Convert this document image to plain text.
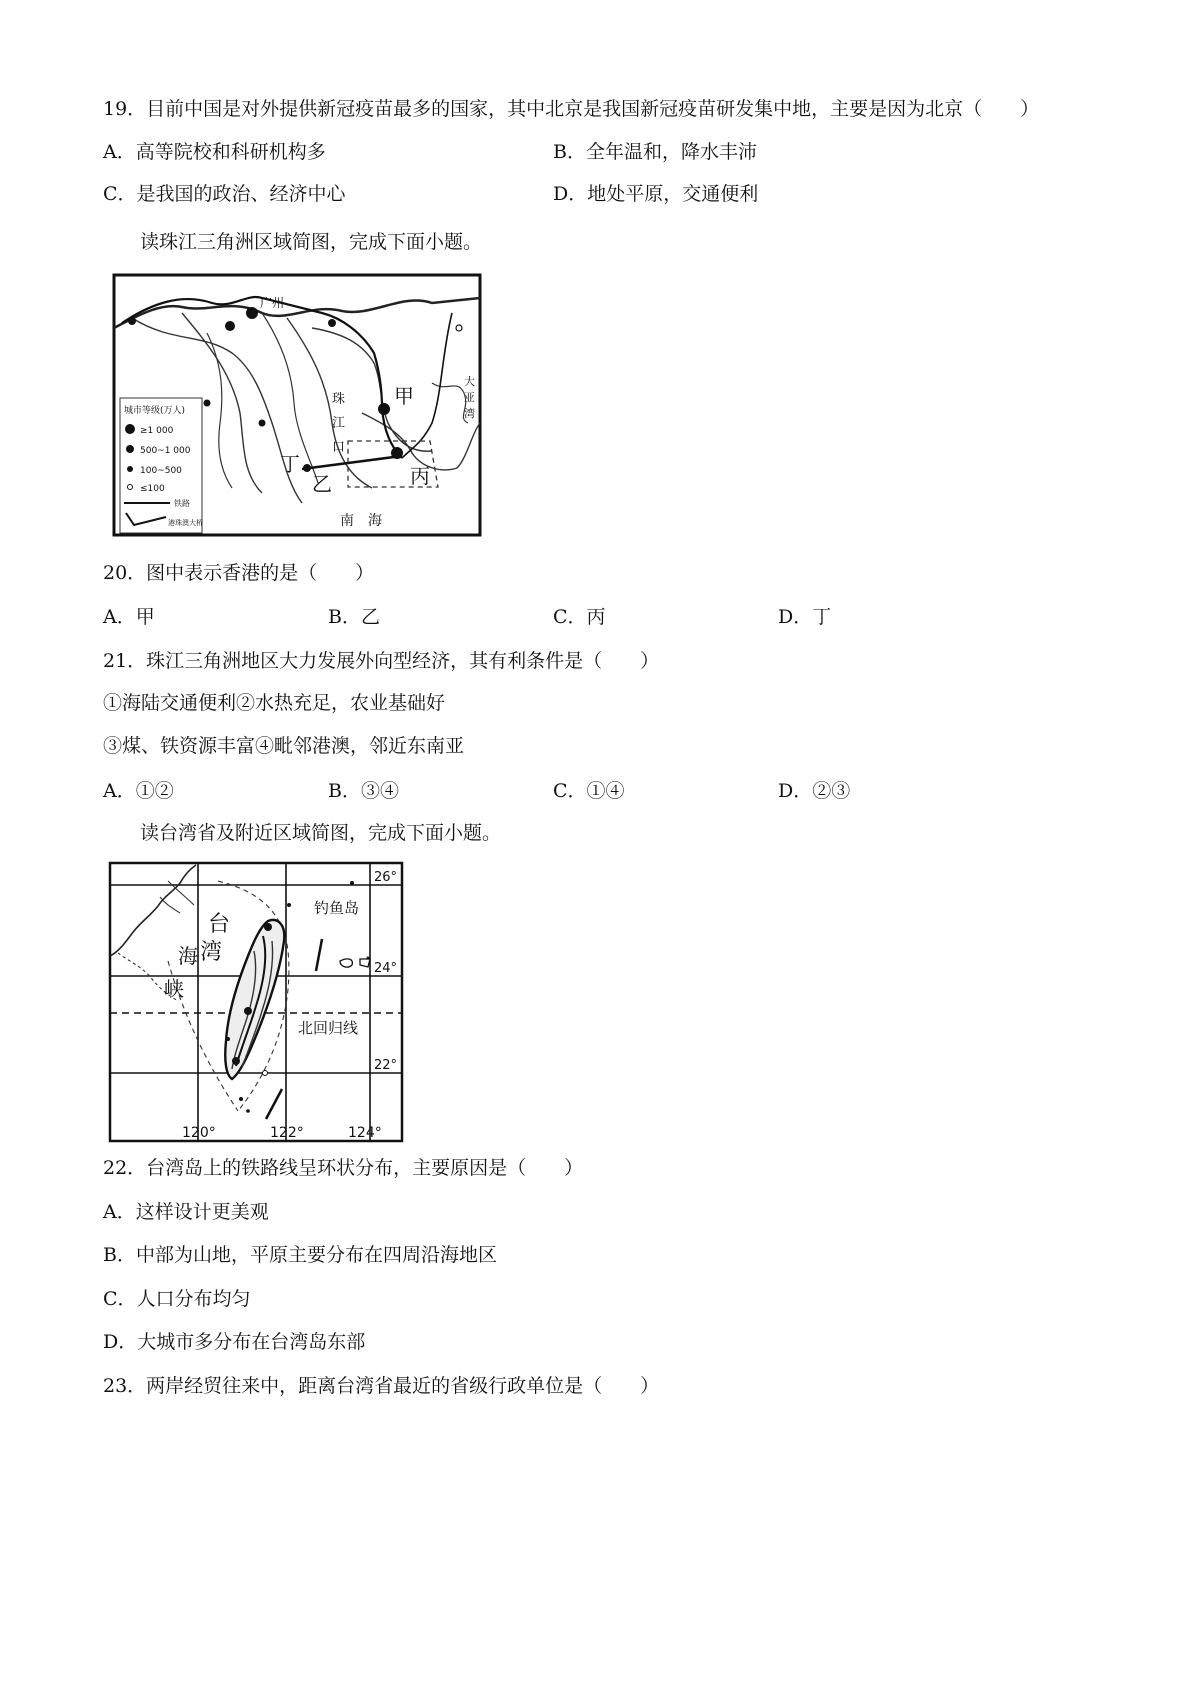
19．目前中国是对外提供新冠疫苗最多的国家，其中北京是我国新冠疫苗研发集中地，主要是因为北京（　　）
A．高等院校和科研机构多	B．全年温和，降水丰沛
C．是我国的政治、经济中心	D．地处平原，交通便利
读珠江三角洲区域简图，完成下面小题。
广州
甲
乙	丙
丁
珠
江
口
大
亚
湾
南　海
城市等级(万人)
≥1 000
500~1 000
100~500
≤100
铁路
港珠澳大桥
20．图中表示香港的是（　　）
A．甲	B．乙	C．丙	D．丁
21．珠江三角洲地区大力发展外向型经济，其有利条件是（　　）
①海陆交通便利②水热充足，农业基础好
③煤、铁资源丰富④毗邻港澳，邻近东南亚
A．①②	B．③④	C．①④	D．②③
读台湾省及附近区域简图，完成下面小题。
台
湾
海
峡
钓鱼岛
北回归线
26°
24°
22°
120°	122°	124°
22．台湾岛上的铁路线呈环状分布，主要原因是（　　）
A．这样设计更美观
B．中部为山地，平原主要分布在四周沿海地区
C．人口分布均匀
D．大城市多分布在台湾岛东部
23．两岸经贸往来中，距离台湾省最近的省级行政单位是（　　）
